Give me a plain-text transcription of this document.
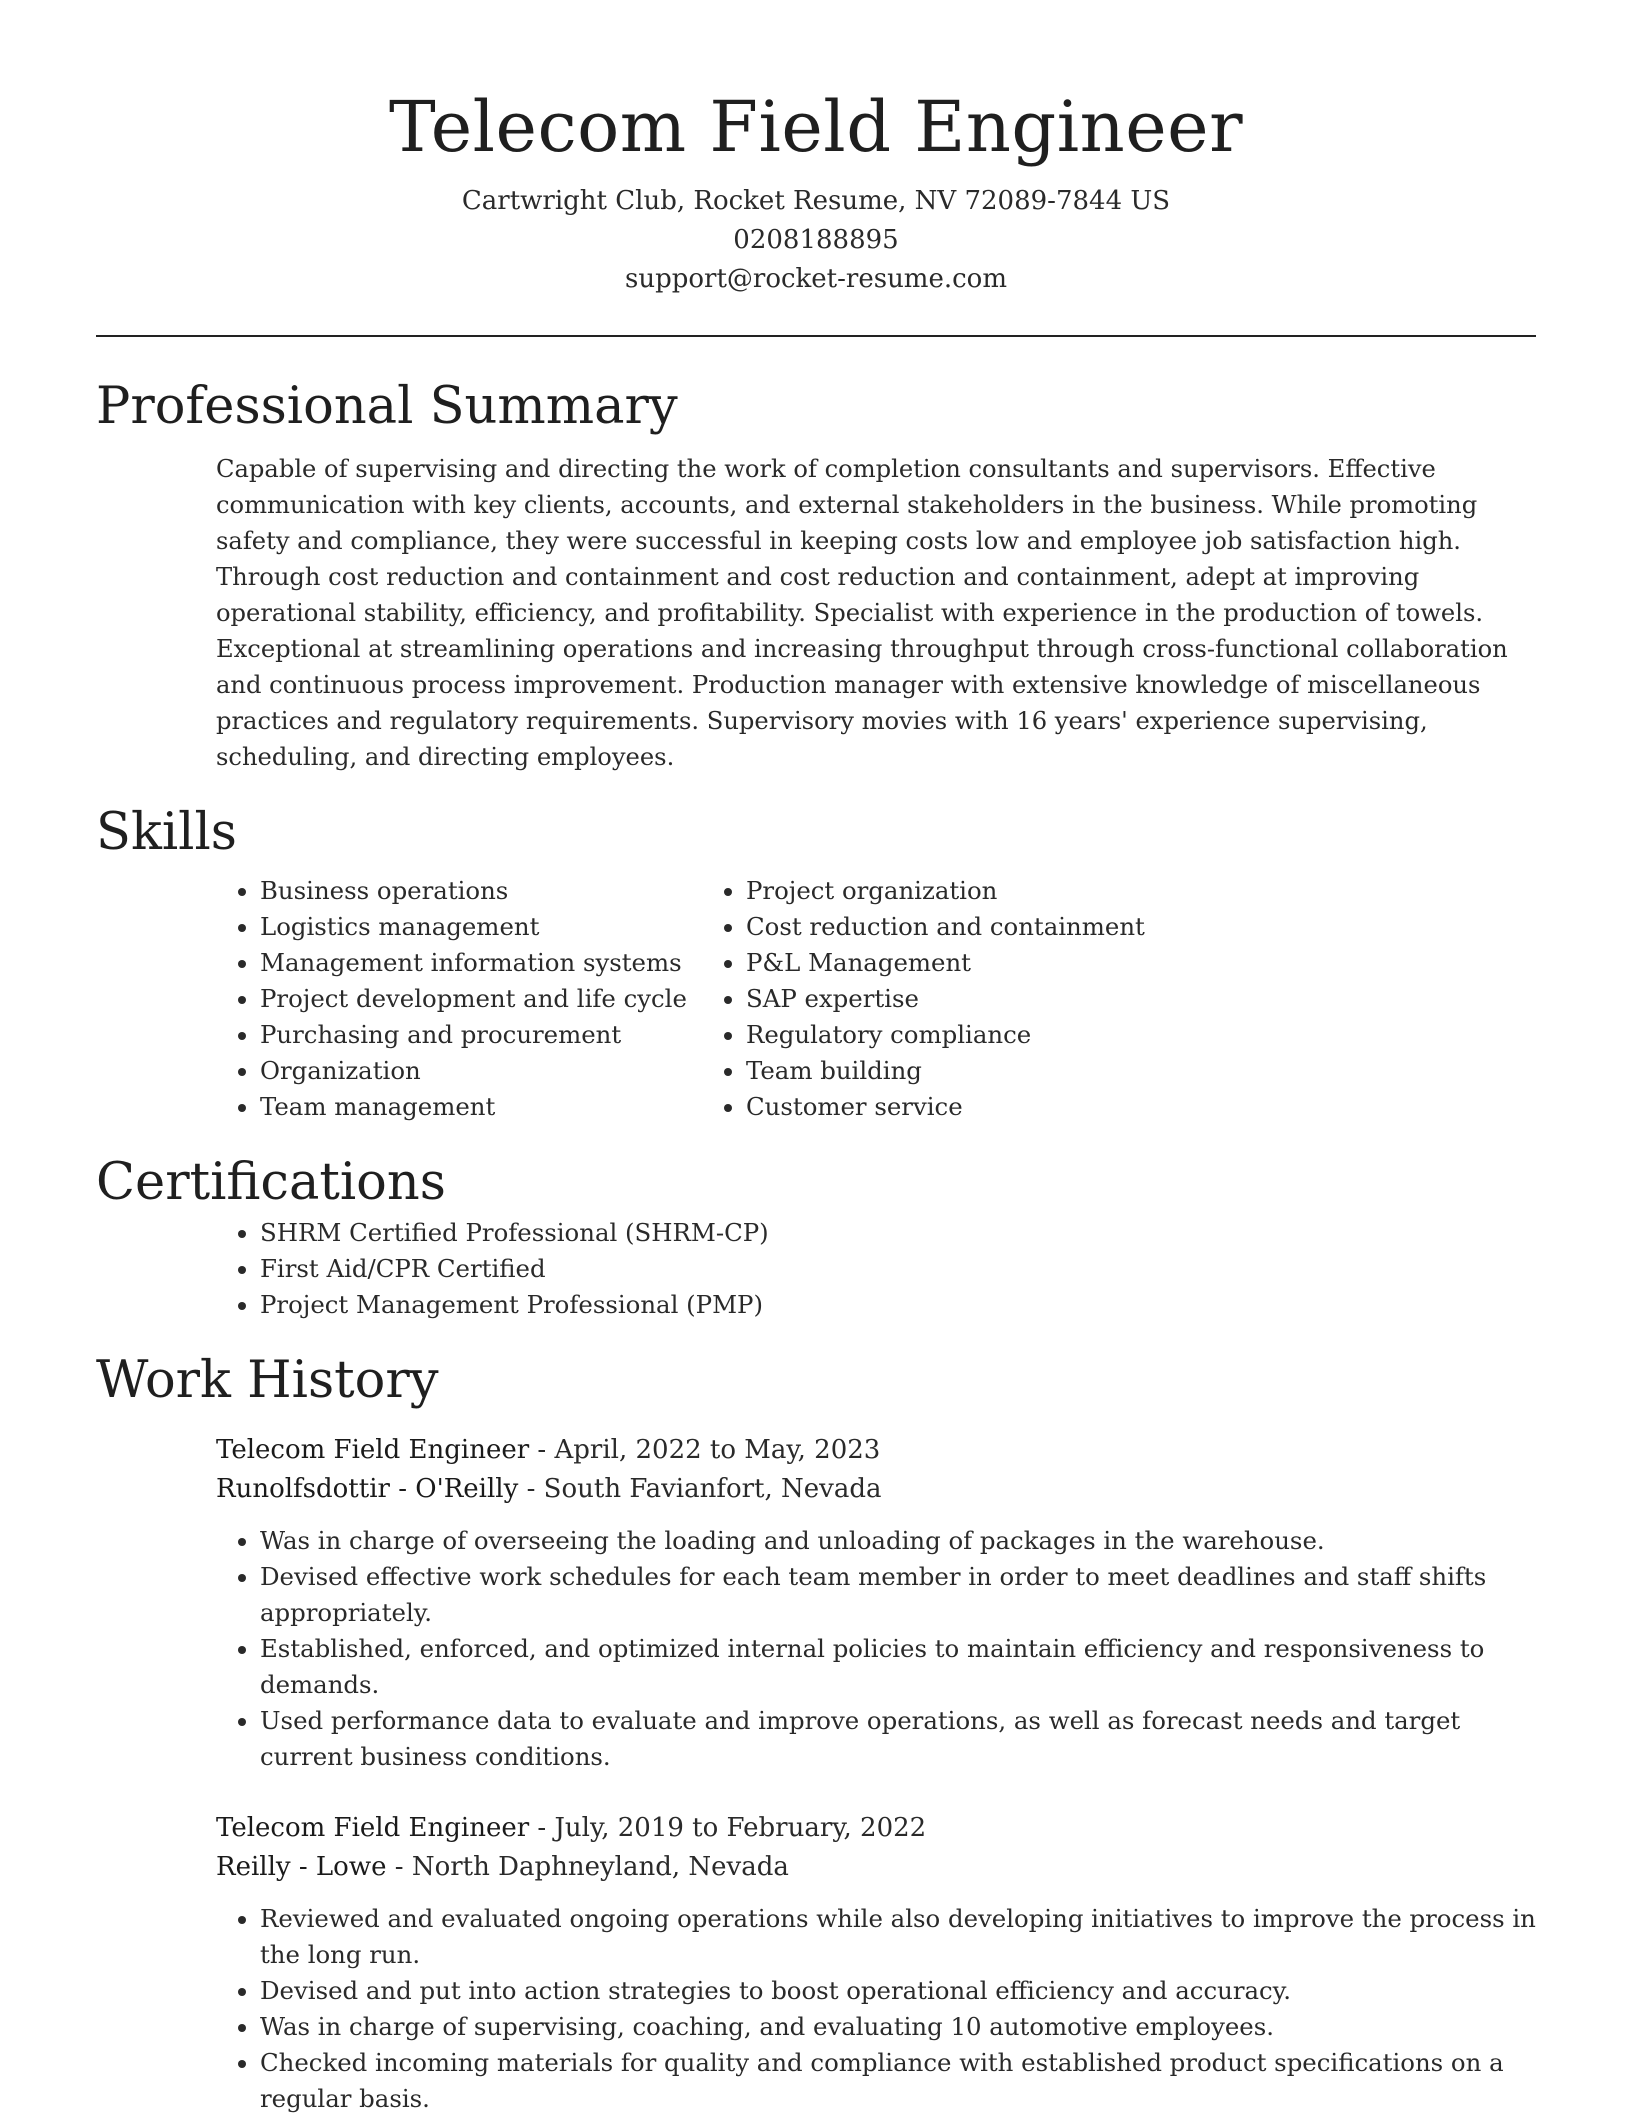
Telecom Field Engineer

Cartwright Club, Rocket Resume, NV 72089-7844 US

0208188895

support@rocket-resume.com

Professional Summary

Capable of supervising and directing the work of completion consultants and supervisors. Effective communication with key clients, accounts, and external stakeholders in the business. While promoting safety and compliance, they were successful in keeping costs low and employee job satisfaction high. Through cost reduction and containment and cost reduction and containment, adept at improving operational stability, efficiency, and profitability. Specialist with experience in the production of towels. Exceptional at streamlining operations and increasing throughput through cross-functional collaboration and continuous process improvement. Production manager with extensive knowledge of miscellaneous practices and regulatory requirements. Supervisory movies with 16 years' experience supervising, scheduling, and directing employees.

Skills
• Business operations
• Logistics management
• Management information systems
• Project development and life cycle
• Purchasing and procurement
• Organization
• Team management
• Project organization
• Cost reduction and containment
• P&L Management
• SAP expertise
• Regulatory compliance
• Team building
• Customer service
Certifications
• SHRM Certified Professional (SHRM-CP)
• First Aid/CPR Certified
• Project Management Professional (PMP)
Work History

Telecom Field Engineer - April, 2022 to May, 2023

Runolfsdottir - O'Reilly - South Favianfort, Nevada

• Was in charge of overseeing the loading and unloading of packages in the warehouse.
• Devised effective work schedules for each team member in order to meet deadlines and staff shifts appropriately.
• Established, enforced, and optimized internal policies to maintain efficiency and responsiveness to demands.
• Used performance data to evaluate and improve operations, as well as forecast needs and target current business conditions.

Telecom Field Engineer - July, 2019 to February, 2022

Reilly - Lowe - North Daphneyland, Nevada

• Reviewed and evaluated ongoing operations while also developing initiatives to improve the process in the long run.
• Devised and put into action strategies to boost operational efficiency and accuracy.
• Was in charge of supervising, coaching, and evaluating 10 automotive employees.
• Checked incoming materials for quality and compliance with established product specifications on a regular basis.
